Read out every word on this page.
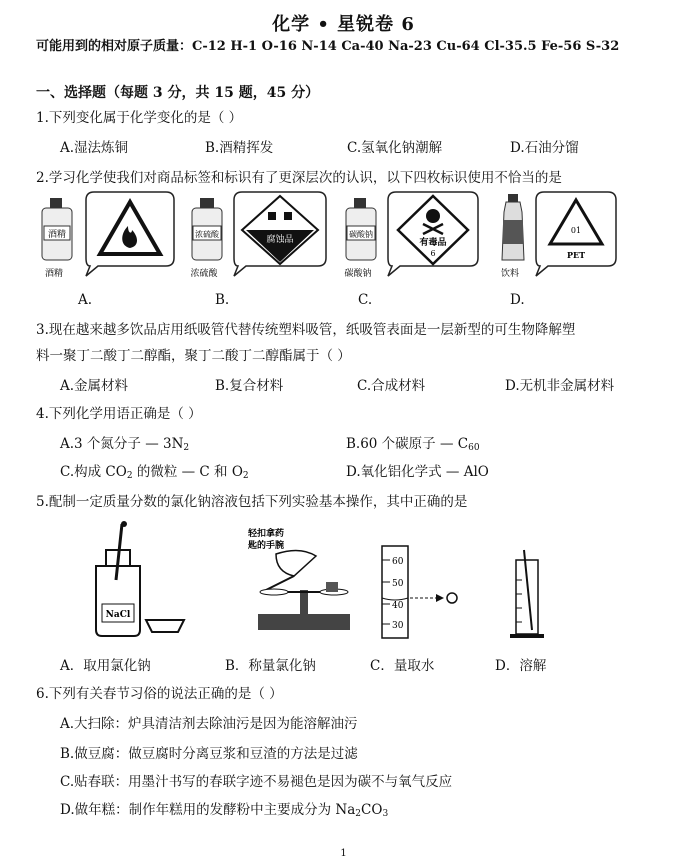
化学 • 星锐卷 6
可能用到的相对原子质量：C-12 H-1 O-16 N-14 Ca-40 Na-23 Cu-64 Cl-35.5 Fe-56 S-32
一、选择题（每题 3 分，共 15 题，45 分）
1.下列变化属于化学变化的是（ ）
A.湿法炼铜	B.酒精挥发	C.氢氧化钠潮解	D.石油分馏
2.学习化学使我们对商品标签和标识有了更深层次的认识，以下四枚标识使用不恰当的是
酒精
酒精
浓硫酸
浓硫酸
腐蚀品
碳酸钠
碳酸钠
有毒品
6
饮料
01
PET
A.	B.	C.	D.
3.现在越来越多饮品店用纸吸管代替传统塑料吸管，纸吸管表面是一层新型的可生物降解塑
料一聚丁二酸丁二醇酯，聚丁二酸丁二醇酯属于（ ）
A.金属材料	B.复合材料	C.合成材料	D.无机非金属材料
4.下列化学用语正确是（ ）
A.3 个氮分子 — $3N_2$	B.60 个碳原子 — $C_{60}$
C.构成 $CO_2$ 的微粒 — C 和 $O_2$	D.氧化铝化学式 — AlO
5.配制一定质量分数的氯化钠溶液包括下列实验基本操作，其中正确的是
NaCl
轻扣拿药
匙的手腕
60
50
40
30
A．取用氯化钠	B．称量氯化钠	C．量取水	D．溶解
6.下列有关春节习俗的说法正确的是（ ）
A.大扫除：炉具清洁剂去除油污是因为能溶解油污
B.做豆腐：做豆腐时分离豆浆和豆渣的方法是过滤
C.贴春联：用墨汁书写的春联字迹不易褪色是因为碳不与氧气反应
D.做年糕：制作年糕用的发酵粉中主要成分为 $Na_2CO_3$
1
